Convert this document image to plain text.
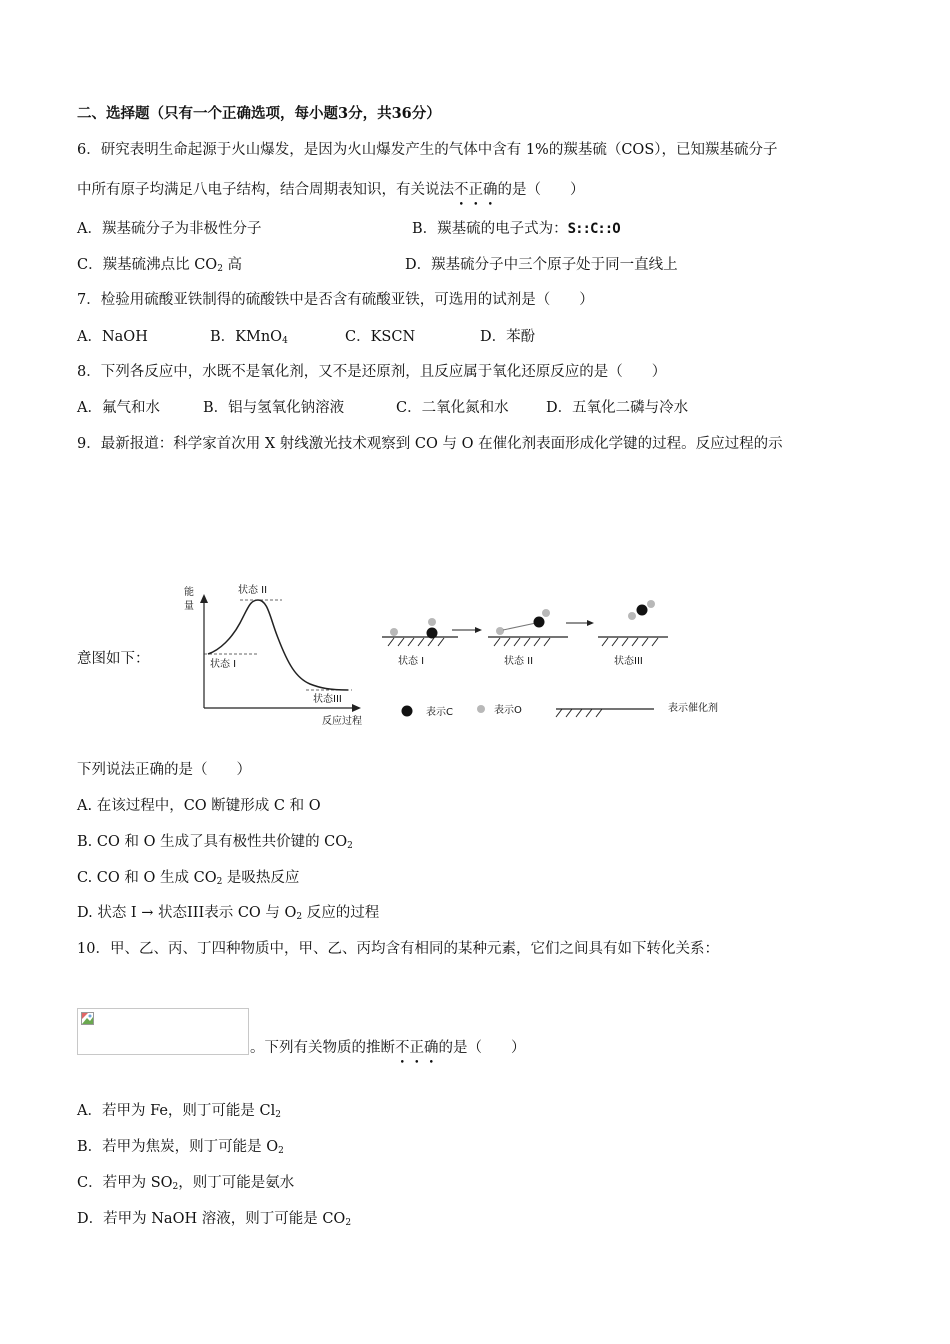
二、选择题（只有一个正确选项，每小题3分，共36分）
6．研究表明生命起源于火山爆发，是因为火山爆发产生的气体中含有 1%的羰基硫（COS），已知羰基硫分子
中所有原子均满足八电子结构，结合周期表知识，有关说法不正确的是（　　）
A．羰基硫分子为非极性分子	B．羰基硫的电子式为：S::C::O
C．羰基硫沸点比 $CO_2$ 高	D．羰基硫分子中三个原子处于同一直线上
7．检验用硫酸亚铁制得的硫酸铁中是否含有硫酸亚铁，可选用的试剂是（　　）
A．NaOH	B．KMnO$_4$	C．KSCN	D．苯酚
8．下列各反应中，水既不是氧化剂，又不是还原剂，且反应属于氧化还原反应的是（　　）
A．氟气和水	B．铝与氢氧化钠溶液	C．二氧化氮和水	D．五氧化二磷与冷水
9．最新报道：科学家首次用 X 射线激光技术观察到 CO 与 O 在催化剂表面形成化学键的过程。反应过程的示
意图如下：
能
量
反应过程
状态 II
状态 I
状态III
状态 I	状态 II	状态III
表示C	表示O	表示催化剂
下列说法正确的是（　　）
A. 在该过程中，CO 断键形成 C 和 O
B. CO 和 O 生成了具有极性共价键的 $CO_2$
C. CO 和 O 生成 $CO_2$ 是吸热反应
D. 状态 I → 状态III表示 CO 与 $O_2$ 反应的过程
10．甲、乙、丙、丁四种物质中，甲、乙、丙均含有相同的某种元素，它们之间具有如下转化关系：
。下列有关物质的推断不正确的是（　　）
A．若甲为 Fe，则丁可能是 $Cl_2$
B．若甲为焦炭，则丁可能是 $O_2$
C．若甲为 $SO_2$，则丁可能是氨水
D．若甲为 NaOH 溶液，则丁可能是 $CO_2$
